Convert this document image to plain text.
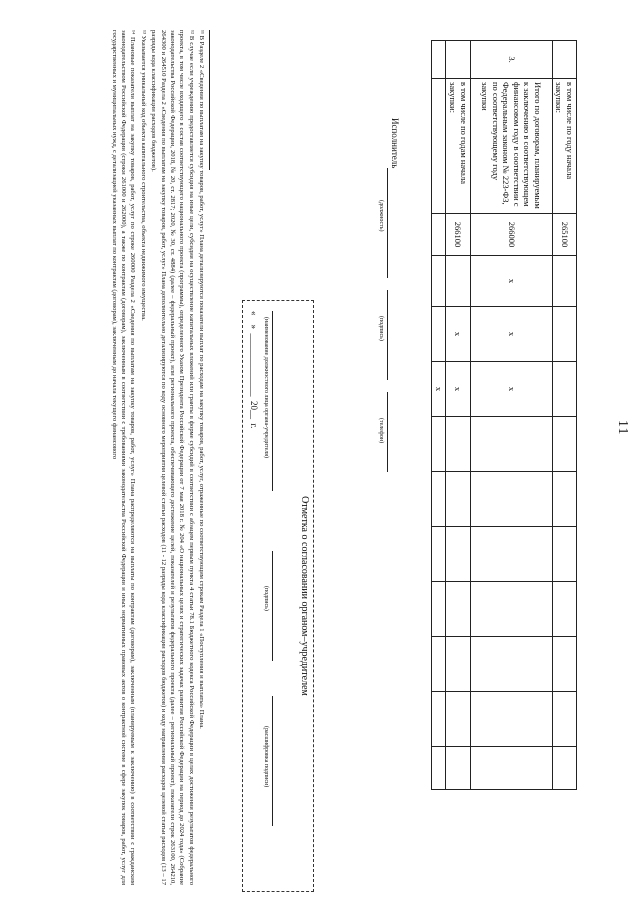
11
	в том числе по году начала закупки:	265100										
3.	Итого по договорам, планируемым к заключению в соответствующем финансовом году в соответствии с Федеральным законом № 223-ФЗ, по соответствующему году закупки	266000	x	x	x							
	в том числе по годам начала закупки:	266100		x	x							
					x							
Исполнитель
(должность)
(подпись)
(телефон)
Отметка о согласовании органом–учредителем
(наименование должностного лица органа-учредителя)
(подпись)
(расшифровка подписи)
«    »  ______________  20__  г.

¹¹ В Разделе 2 «Сведения по выплатам на закупку товаров, работ, услуг» Плана детализируются показатели выплат по расходам на закупку товаров, работ, услуг, отраженные по соответствующим строкам Раздела 1 «Поступления и выплаты» Плана.

¹² В случае если учреждению предоставляется субсидия на иные цели, субсидия на осуществление капитальных вложений или гранты в форме субсидий в соответствии с абзацем первым пункта 4 статьи 78.1 Бюджетного кодекса Российской Федерации в целях достижения результатов федерального проекта, в том числе входящего в состав соответствующего национального проекта (программы), определенного Указом Президента Российской Федерации от 7 мая 2018 г. № 204 «О национальных целях и стратегических задачах развития Российской Федерации на период до 2024 года» (Собрание законодательства Российской Федерации, 2018, № 20, ст. 2817; 2020, № 30, ст. 4884) (далее – федеральный проект), или регионального проекта, обеспечивающего достижение целей, показателей и результатов федерального проекта (далее – региональный проект), показатели строк 263100, 264210, 264300 и 264510 Раздела 2 «Сведения по выплатам на закупку товаров, работ, услуг» Плана дополнительно детализируются по коду основного мероприятия целевой статьи расходов (11 - 12 разряды кода классификации расходов бюджетов) и коду направления расходов целевой статьи расходов (13 – 17 разряды кода классификации расходов бюджетов).

¹³ Указывается уникальный код объекта капитального строительства, объекта недвижимого имущества.

¹⁴ Плановые показатели выплат на закупку товаров, работ, услуг по строке 260000 Раздела 2 «Сведения по выплатам на закупку товаров, работ, услуг» Плана распределяются на выплаты по контрактам (договорам), заключенным (планируемым к заключению) в соответствии с гражданским законодательством Российской Федерации (строки 261000 и 262000), а также по контрактам (договорам), заключенным в соответствии с требованиями законодательства Российской Федерации и иных нормативных правовых актов о контрактной системе в сфере закупок товаров, работ, услуг для государственных и муниципальных нужд, с детализацией указанных выплат по контрактам (договорам), заключенным до начала текущего финансового
